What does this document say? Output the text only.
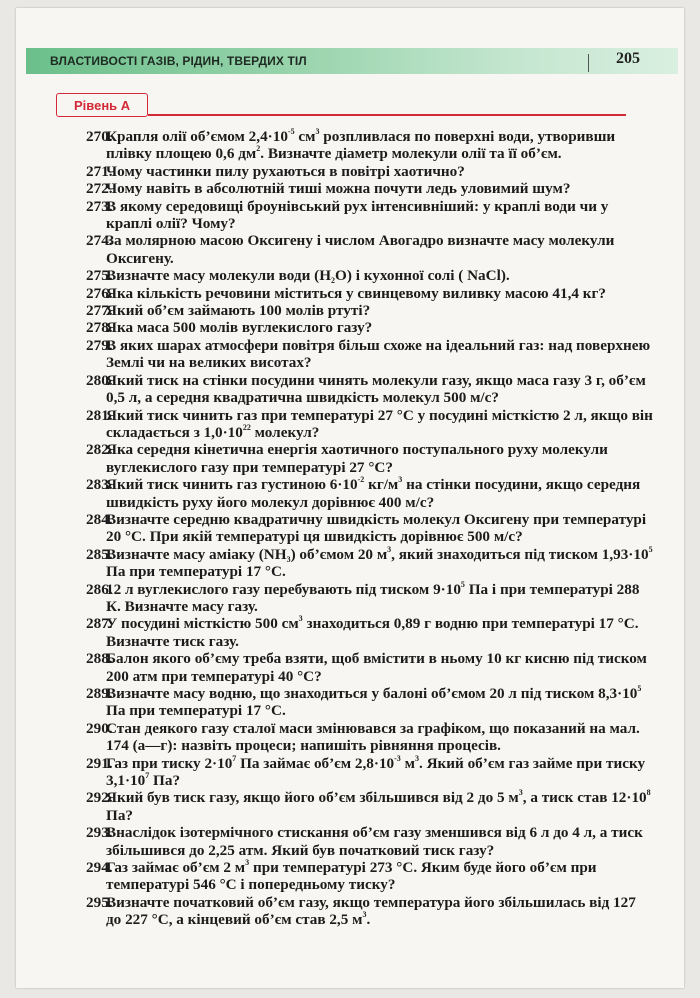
ВЛАСТИВОСТІ ГАЗІВ, РІДИН, ТВЕРДИХ ТІЛ	205
Рівень А
270.
Крапля олії об’ємом $2,4\cdot 10^{-5}$ $см^3$ розпливлася по поверхні води, утворивши плівку площею 0,6 $дм^2$. Визначте діаметр молекули олії та її об’єм.
271.
Чому частинки пилу рухаються в повітрі хаотично?
272.
Чому навіть в абсолютній тиші можна почути ледь уловимий шум?
273.
В якому середовищі броунівський рух інтенсивніший: у краплі води чи у краплі олії? Чому?
274.
За молярною масою Оксигену і числом Авогадро визначте масу молекули Оксигену.
275.
Визначте масу молекули води $(H_2O)$ і кухонної солі ( NaCl).
276.
Яка кількість речовини міститься у свинцевому виливку масою 41,4 кг?
277.
Який об’єм займають 100 молів ртуті?
278.
Яка маса 500 молів вуглекислого газу?
279.
В яких шарах атмосфери повітря більш схоже на ідеальний газ: над поверхнею Землі чи на великих висотах?
280.
Який тиск на стінки посудини чинять молекули газу, якщо маса газу 3 г, об’єм 0,5 л, а середня квадратична швидкість молекул 500 м/с?
281.
Який тиск чинить газ при температурі 27 °С у посудині місткістю 2 л, якщо він складається з $1,0\cdot 10^{22}$ молекул?
282.
Яка середня кінетична енергія хаотичного поступального руху молекули вуглекислого газу при температурі 27 °С?
283.
Який тиск чинить газ густиною $6\cdot 10^{-2}$ $кг/м^3$ на стінки посудини, якщо середня швидкість руху його молекул дорівнює 400 м/с?
284.
Визначте середню квадратичну швидкість молекул Оксигену при температурі 20 °С. При якій температурі ця швидкість дорівнює 500 м/с?
285.
Визначте масу аміаку $(NH_3)$ об’ємом 20 $м^3$, який знаходиться під тиском $1,93\cdot 10^5$ Па при температурі 17 °С.
286.
12 л вуглекислого газу перебувають під тиском $9\cdot 10^5$ Па і при температурі 288 К. Визначте масу газу.
287.
У посудині місткістю 500 $см^3$ знаходиться 0,89 г водню при температурі 17 °С. Визначте тиск газу.
288.
Балон якого об’єму треба взяти, щоб вмістити в ньому 10 кг кисню під тиском 200 атм при температурі 40 °С?
289.
Визначте масу водню, що знаходиться у балоні об’ємом 20 л під тиском $8,3\cdot 10^5$ Па при температурі 17 °С.
290.
Стан деякого газу сталої маси змінювався за графіком, що показаний на мал. 174 (а—г): назвіть процеси; напишіть рівняння процесів.
291.
Газ при тиску $2\cdot 10^7$ Па займає об’єм $2,8\cdot 10^{-3}$ $м^3$. Який об’єм газ займе при тиску $3,1\cdot 10^7$ Па?
292.
Який був тиск газу, якщо його об’єм збільшився від 2 до 5 $м^3$, а тиск став $12\cdot 10^8$ Па?
293.
Внаслідок ізотермічного стискання об’єм газу зменшився від 6 л до 4 л, а тиск збільшився до 2,25 атм. Який був початковий тиск газу?
294.
Газ займає об’єм 2 $м^3$ при температурі 273 °С. Яким буде його об’єм при температурі 546 °С і попередньому тиску?
295.
Визначте початковий об’єм газу, якщо температура його збільшилась від 127 до 227 °С, а кінцевий об’єм став 2,5 $м^3$.
